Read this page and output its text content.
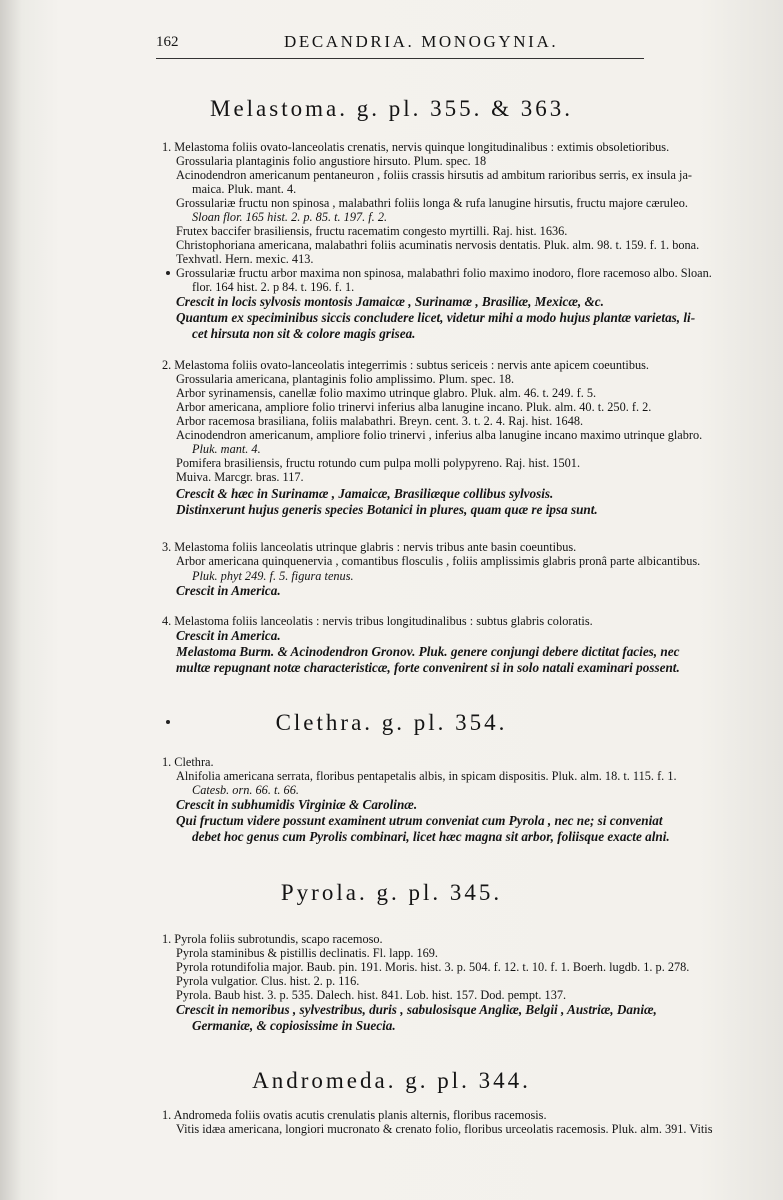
162	DECANDRIA. MONOGYNIA.
Melastoma. g. pl. 355. & 363.
1. Melastoma foliis ovato-lanceolatis crenatis, nervis quinque longitudinalibus : extimis obsoletioribus.
Grossularia plantaginis folio angustiore hirsuto. Plum. spec. 18
Acinodendron americanum pentaneuron , foliis crassis hirsutis ad ambitum rarioribus serris, ex insula ja-
maica. Pluk. mant. 4.
Grossulariæ fructu non spinosa , malabathri foliis longa & rufa lanugine hirsutis, fructu majore cæruleo.
Sloan flor. 165 hist. 2. p. 85. t. 197. f. 2.
Frutex baccifer brasiliensis, fructu racematim congesto myrtilli. Raj. hist. 1636.
Christophoriana americana, malabathri foliis acuminatis nervosis dentatis. Pluk. alm. 98. t. 159. f. 1. bona.
Texhvatl. Hern. mexic. 413.
Grossulariæ fructu arbor maxima non spinosa, malabathri folio maximo inodoro, flore racemoso albo. Sloan.
flor. 164 hist. 2. p 84. t. 196. f. 1.
Crescit in locis sylvosis montosis Jamaicæ , Surinamæ , Brasiliæ, Mexicæ, &c.
Quantum ex speciminibus siccis concludere licet, videtur mihi a modo hujus plantæ varietas, li-
cet hirsuta non sit & colore magis grisea.
2. Melastoma foliis ovato-lanceolatis integerrimis : subtus sericeis : nervis ante apicem coeuntibus.
Grossularia americana, plantaginis folio amplissimo. Plum. spec. 18.
Arbor syrinamensis, canellæ folio maximo utrinque glabro. Pluk. alm. 46. t. 249. f. 5.
Arbor americana, ampliore folio trinervi inferius alba lanugine incano. Pluk. alm. 40. t. 250. f. 2.
Arbor racemosa brasiliana, foliis malabathri. Breyn. cent. 3. t. 2. 4. Raj. hist. 1648.
Acinodendron americanum, ampliore folio trinervi , inferius alba lanugine incano maximo utrinque glabro.
Pluk. mant. 4.
Pomifera brasiliensis, fructu rotundo cum pulpa molli polypyreno. Raj. hist. 1501.
Muiva. Marcgr. bras. 117.
Crescit & hæc in Surinamæ , Jamaicæ, Brasiliæque collibus sylvosis.
Distinxerunt hujus generis species Botanici in plures, quam quæ re ipsa sunt.
3. Melastoma foliis lanceolatis utrinque glabris : nervis tribus ante basin coeuntibus.
Arbor americana quinquenervia , comantibus flosculis , foliis amplissimis glabris pronâ parte albicantibus.
Pluk. phyt 249. f. 5. figura tenus.
Crescit in America.
4. Melastoma foliis lanceolatis : nervis tribus longitudinalibus : subtus glabris coloratis.
Crescit in America.
Melastoma Burm. & Acinodendron Gronov. Pluk. genere conjungi debere dictitat facies, nec
multæ repugnant notæ characteristicæ, forte convenirent si in solo natali examinari possent.
Clethra. g. pl. 354.
1. Clethra.
Alnifolia americana serrata, floribus pentapetalis albis, in spicam dispositis. Pluk. alm. 18. t. 115. f. 1.
Catesb. orn. 66. t. 66.
Crescit in subhumidis Virginiæ & Carolinæ.
Qui fructum videre possunt examinent utrum conveniat cum Pyrola , nec ne; si conveniat
debet hoc genus cum Pyrolis combinari, licet hæc magna sit arbor, foliisque exacte alni.
Pyrola. g. pl. 345.
1. Pyrola foliis subrotundis, scapo racemoso.
Pyrola staminibus & pistillis declinatis. Fl. lapp. 169.
Pyrola rotundifolia major. Baub. pin. 191. Moris. hist. 3. p. 504. f. 12. t. 10. f. 1. Boerh. lugdb. 1. p. 278.
Pyrola vulgatior. Clus. hist. 2. p. 116.
Pyrola. Baub hist. 3. p. 535. Dalech. hist. 841. Lob. hist. 157. Dod. pempt. 137.
Crescit in nemoribus , sylvestribus, duris , sabulosisque Angliæ, Belgii , Austriæ, Daniæ,
Germaniæ, & copiosissime in Suecia.
Andromeda. g. pl. 344.
1. Andromeda foliis ovatis acutis crenulatis planis alternis, floribus racemosis.
Vitis idæa americana, longiori mucronato & crenato folio, floribus urceolatis racemosis. Pluk. alm. 391. Vitis
